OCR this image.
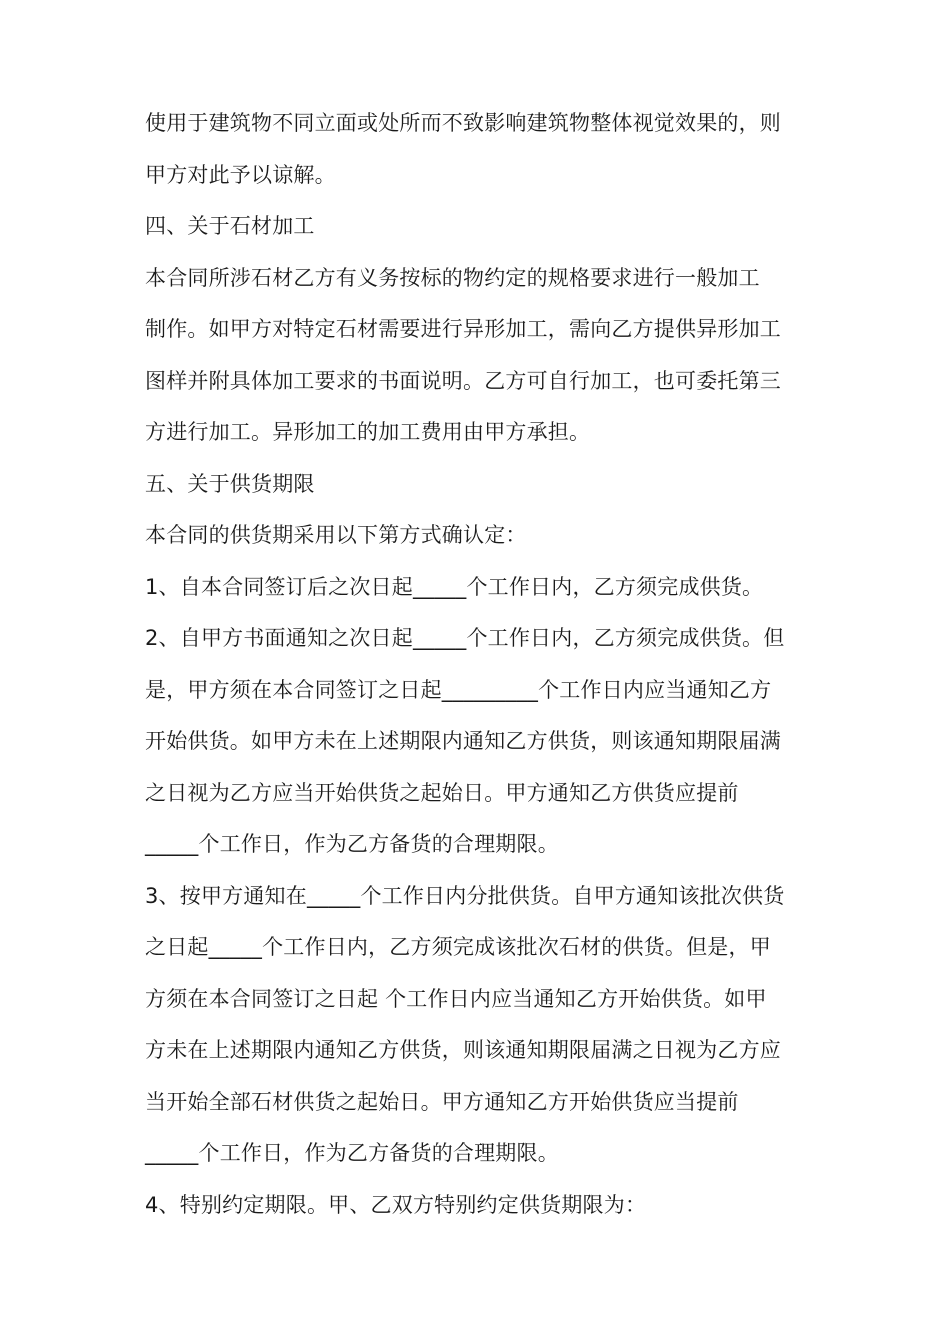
使用于建筑物不同立面或处所而不致影响建筑物整体视觉效果的，则
甲方对此予以谅解。
四、关于石材加工
本合同所涉石材乙方有义务按标的物约定的规格要求进行一般加工
制作。如甲方对特定石材需要进行异形加工，需向乙方提供异形加工
图样并附具体加工要求的书面说明。乙方可自行加工，也可委托第三
方进行加工。异形加工的加工费用由甲方承担。
五、关于供货期限
本合同的供货期采用以下第方式确认定：
1、自本合同签订后之次日起_____个工作日内，乙方须完成供货。
2、自甲方书面通知之次日起_____个工作日内，乙方须完成供货。但
是，甲方须在本合同签订之日起_________个工作日内应当通知乙方
开始供货。如甲方未在上述期限内通知乙方供货，则该通知期限届满
之日视为乙方应当开始供货之起始日。甲方通知乙方供货应提前
_____个工作日，作为乙方备货的合理期限。
3、按甲方通知在_____个工作日内分批供货。自甲方通知该批次供货
之日起_____个工作日内，乙方须完成该批次石材的供货。但是，甲
方须在本合同签订之日起 个工作日内应当通知乙方开始供货。如甲
方未在上述期限内通知乙方供货，则该通知期限届满之日视为乙方应
当开始全部石材供货之起始日。甲方通知乙方开始供货应当提前
_____个工作日，作为乙方备货的合理期限。
4、特别约定期限。甲、乙双方特别约定供货期限为：
